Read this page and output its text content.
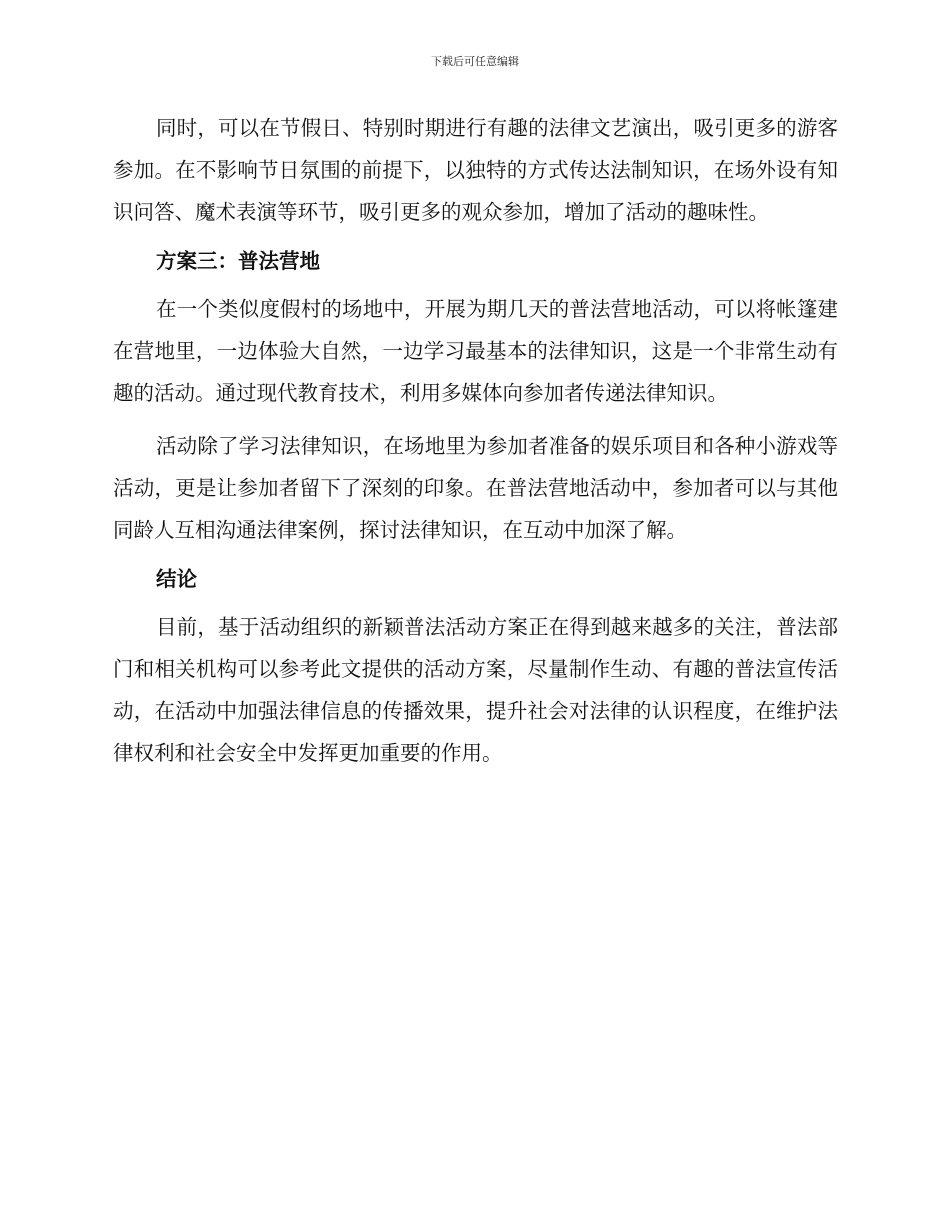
下载后可任意编辑

同时，可以在节假日、特别时期进行有趣的法律文艺演出，吸引更多的游客参加。在不影响节日氛围的前提下，以独特的方式传达法制知识，在场外设有知识问答、魔术表演等环节，吸引更多的观众参加，增加了活动的趣味性。

方案三：普法营地

在一个类似度假村的场地中，开展为期几天的普法营地活动，可以将帐篷建在营地里，一边体验大自然，一边学习最基本的法律知识，这是一个非常生动有趣的活动。通过现代教育技术，利用多媒体向参加者传递法律知识。

活动除了学习法律知识，在场地里为参加者准备的娱乐项目和各种小游戏等活动，更是让参加者留下了深刻的印象。在普法营地活动中，参加者可以与其他同龄人互相沟通法律案例，探讨法律知识，在互动中加深了解。

结论

目前，基于活动组织的新颖普法活动方案正在得到越来越多的关注，普法部门和相关机构可以参考此文提供的活动方案，尽量制作生动、有趣的普法宣传活动，在活动中加强法律信息的传播效果，提升社会对法律的认识程度，在维护法律权利和社会安全中发挥更加重要的作用。
